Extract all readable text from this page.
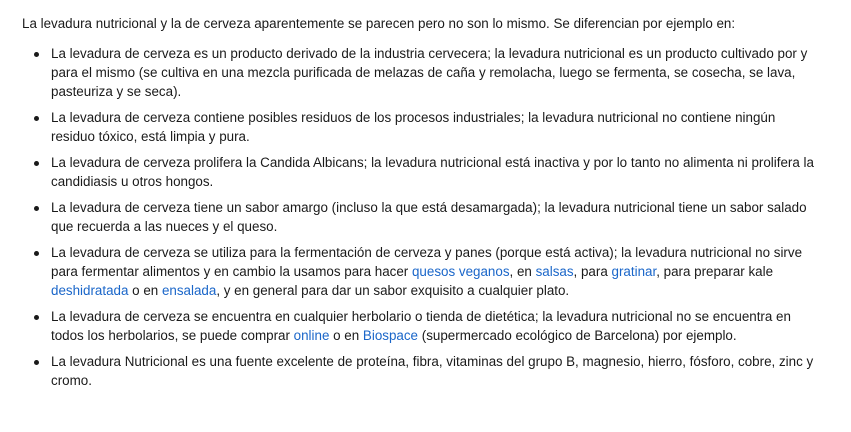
La levadura nutricional y la de cerveza aparentemente se parecen pero no son lo mismo. Se diferencian por ejemplo en:

La levadura de cerveza es un producto derivado de la industria cervecera; la levadura nutricional es un producto cultivado por y para el mismo (se cultiva en una mezcla purificada de melazas de caña y remolacha, luego se fermenta, se cosecha, se lava, pasteuriza y se seca).
La levadura de cerveza contiene posibles residuos de los procesos industriales; la levadura nutricional no contiene ningún residuo tóxico, está limpia y pura.
La levadura de cerveza prolifera la Candida Albicans; la levadura nutricional está inactiva y por lo tanto no alimenta ni prolifera la candidiasis u otros hongos.
La levadura de cerveza tiene un sabor amargo (incluso la que está desamargada); la levadura nutricional tiene un sabor salado que recuerda a las nueces y el queso.
La levadura de cerveza se utiliza para la fermentación de cerveza y panes (porque está activa); la levadura nutricional no sirve para fermentar alimentos y en cambio la usamos para hacer quesos veganos, en salsas, para gratinar, para preparar kale deshidratada o en ensalada, y en general para dar un sabor exquisito a cualquier plato.
La levadura de cerveza se encuentra en cualquier herbolario o tienda de dietética; la levadura nutricional no se encuentra en todos los herbolarios, se puede comprar online o en Biospace (supermercado ecológico de Barcelona) por ejemplo.
La levadura Nutricional es una fuente excelente de proteína, fibra, vitaminas del grupo B, magnesio, hierro, fósforo, cobre, zinc y cromo.
